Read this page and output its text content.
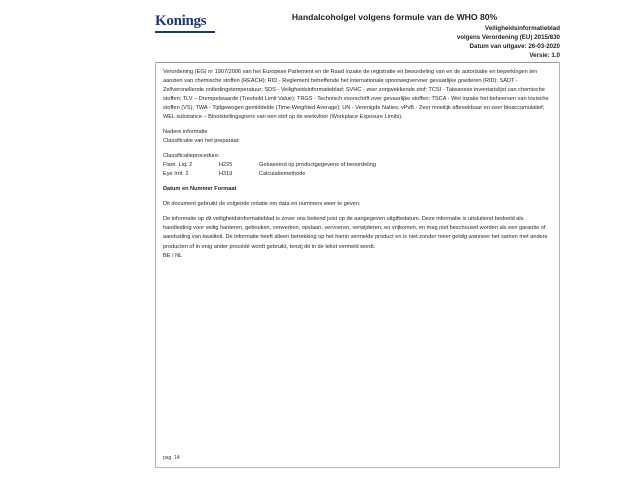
Konings	Handalcoholgel volgens formule van de WHO 80%
Veiligheidsinformatieblad
volgens Verordening (EU) 2015/830
Datum van uitgave: 26-03-2020
Versie: 1.0

Verordening (EG) nr 1907/2006 van het Europese Parlement en de Raad inzake de registratie en beoordeling van en de autorisatie en beperkingen ten aanzien van chemische stoffen (REACH); RID - Reglement betreffende het internationale spoorwegvervoer gevaarlijke goederen (RID); SADT - Zelfversnellende ontledingstemperatuur; SDS - Veiligheidsinformatieblad; SVHC - zeer zorgwekkende stof; TCSI - Taiwanese inventarislijst van chemische stoffen; TLV – Drempelwaarde (Treshold Limit Value); TRGS - Technisch voorschrift over gevaarlijke stoffen; TSCA - Wet inzake het beheersen van toxische stoffen (VS); TWA - Tijdgewogen gemiddelde (Time-Weighted Average); UN - Verenigde Naties; vPvB - Zeer moeilijk afbreekbaar en zeer bioaccumulatief; WEL substance – Blootstellingsgrens van een stof op de werkvloer (Workplace Exposure Limits).

Nadere informatie

Classificatie van het preparaat:

Classificatieprocedure:

Flam. Liq. 2	H225	Gebaseerd op productgegevens of beoordeling
Eye Irrit. 2	H319	Calculatiemethode

Datum en Nummer Formaat

Dit document gebruikt de volgende notatie om data en nummers weer te geven:

De informatie op dit veiligheidsinformatieblad is zover ons bekend juist op de aangegeven uitgiftedatum. Deze informatie is uitsluitend bedoeld als handleiding voor veilig hanteren, gebruiken, verwerken, opslaan, vervoeren, verwijderen, en vrijkomen, en mag niet beschouwd worden als een garantie of aanduiding van kwaliteit. De informatie heeft alleen betrekking op het hierin vermelde product en is niet zonder meer geldig wanneer het samen met andere producten of in enig ander procédé wordt gebruikt, tenzij dit in de tekst vermeld wordt.

BE / NL

pag. 14
